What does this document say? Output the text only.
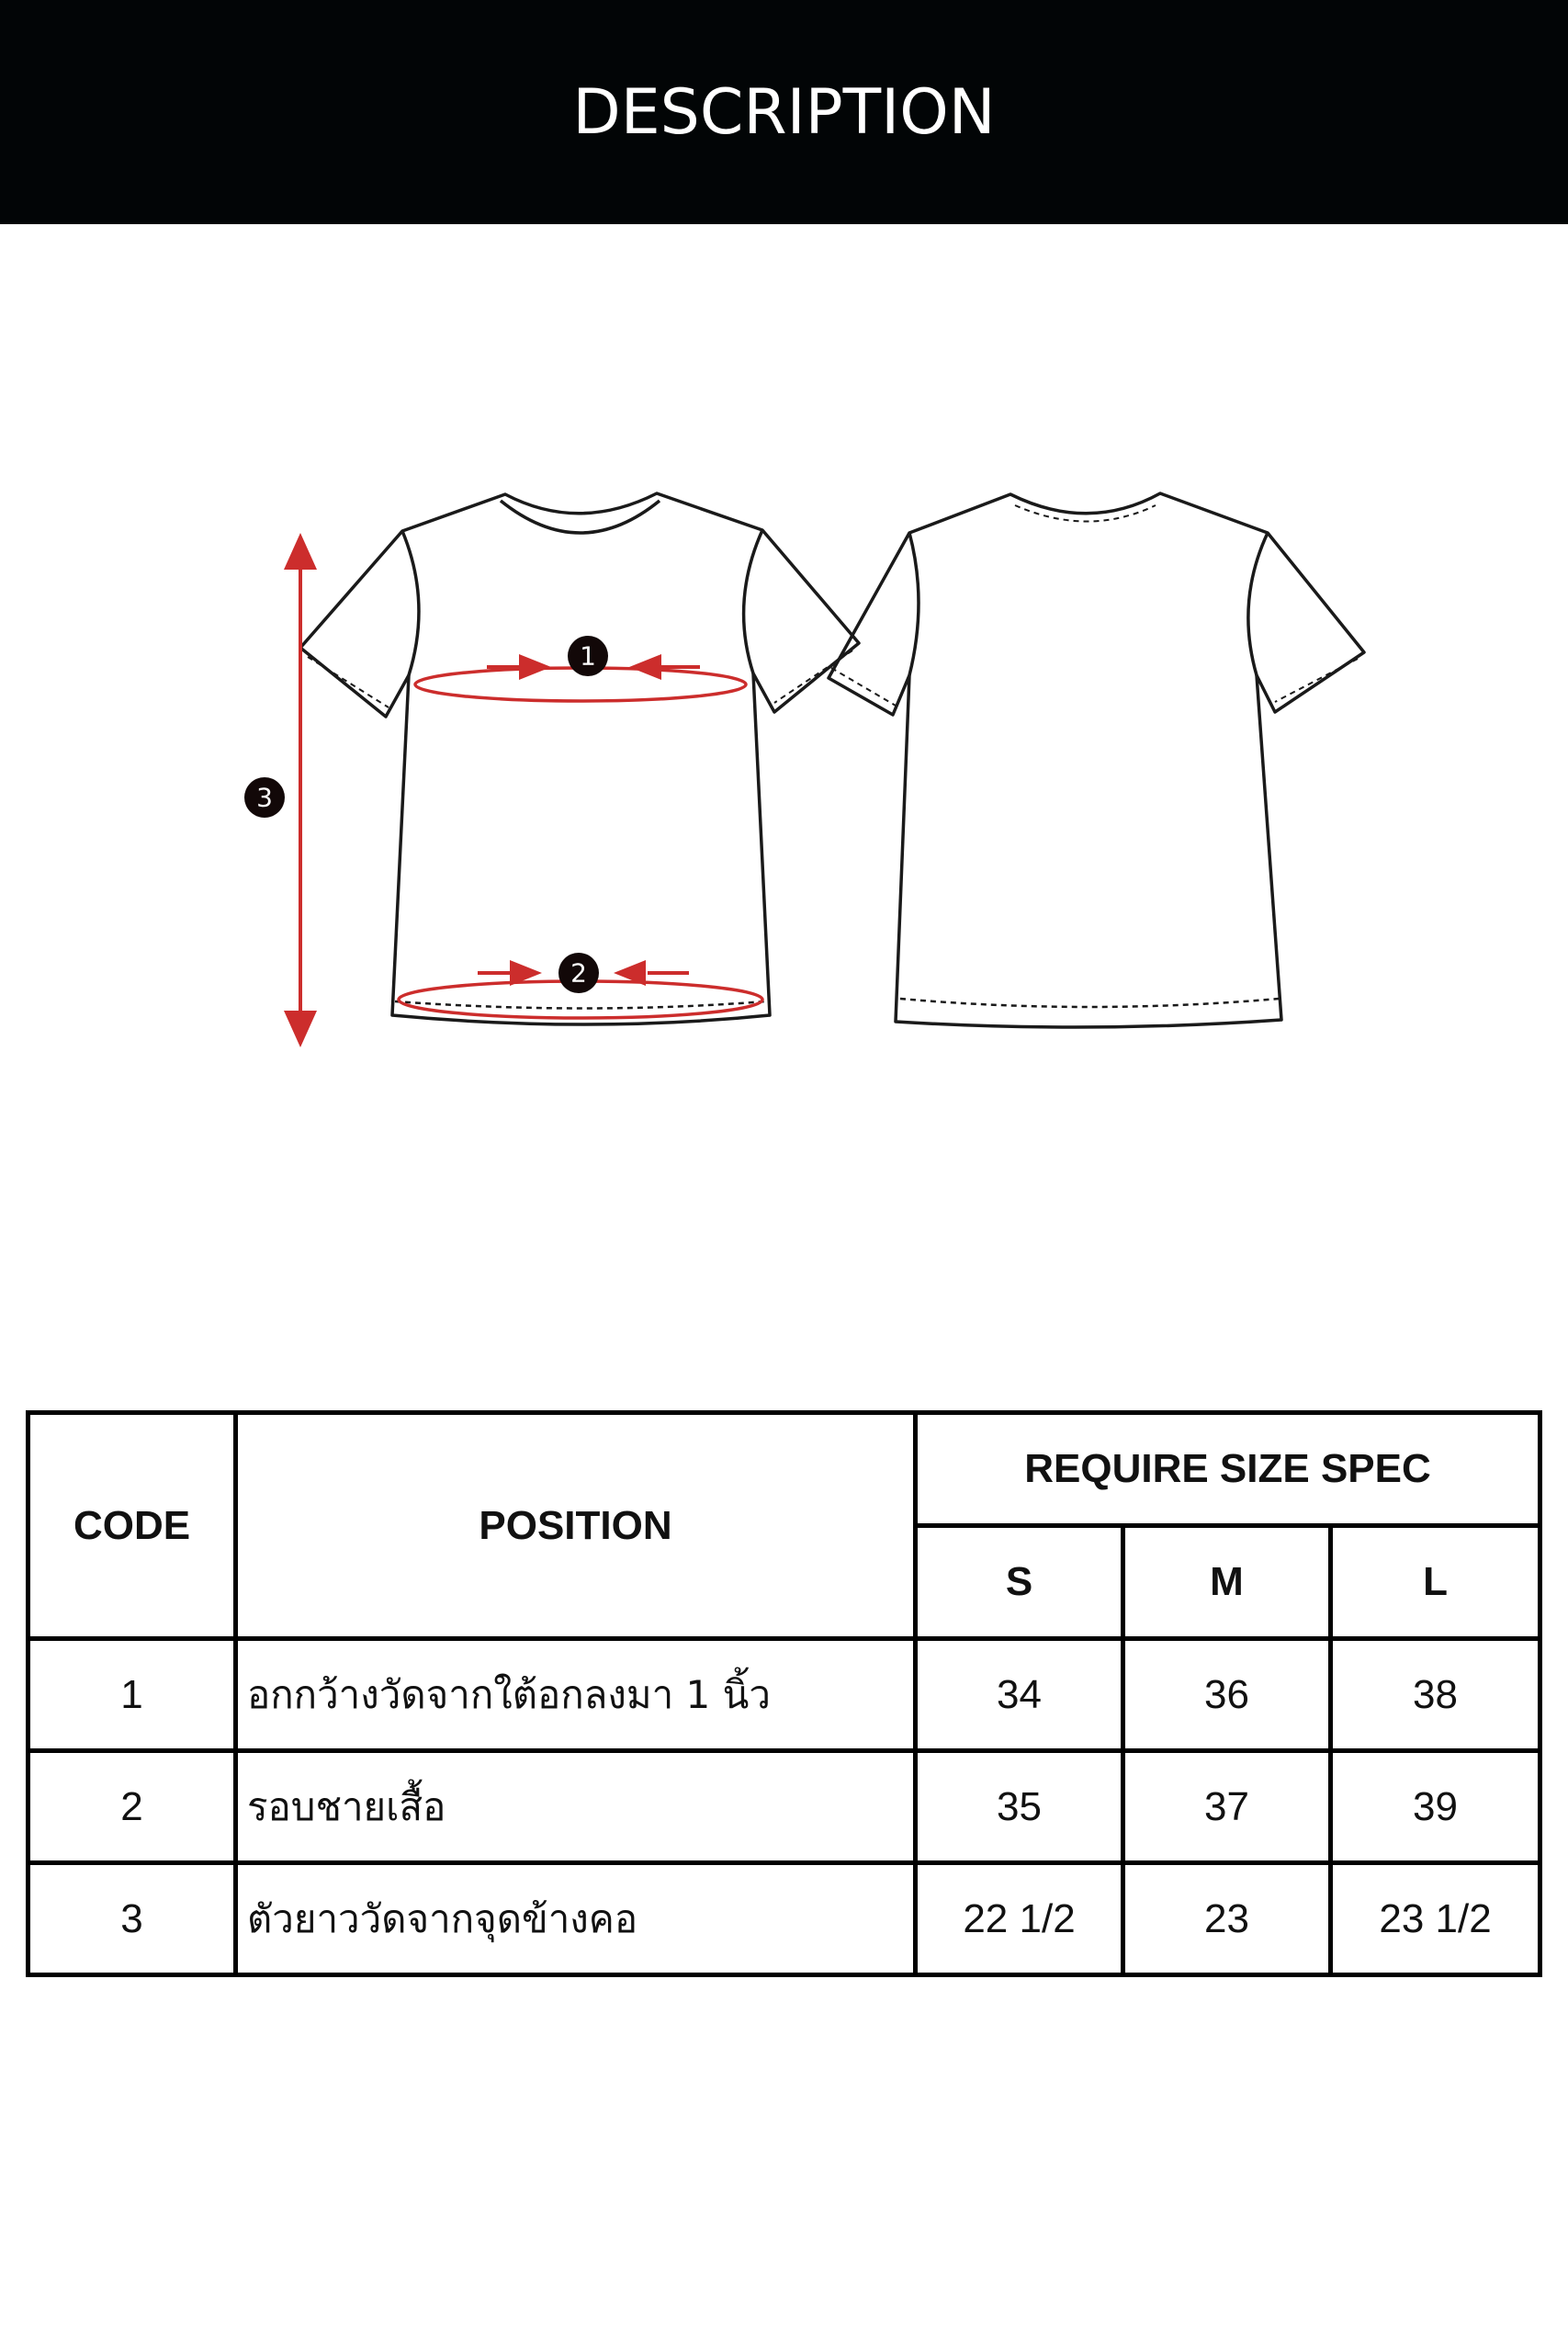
DESCRIPTION
1
2
3
CODE	POSITION	REQUIRE SIZE SPEC		
		S	M	L
1	อกกว้างวัดจากใต้อกลงมา 1 นิ้ว	34	36	38
2	รอบชายเสื้อ	35	37	39
3	ตัวยาววัดจากจุดข้างคอ	22 1/2	23	23 1/2
